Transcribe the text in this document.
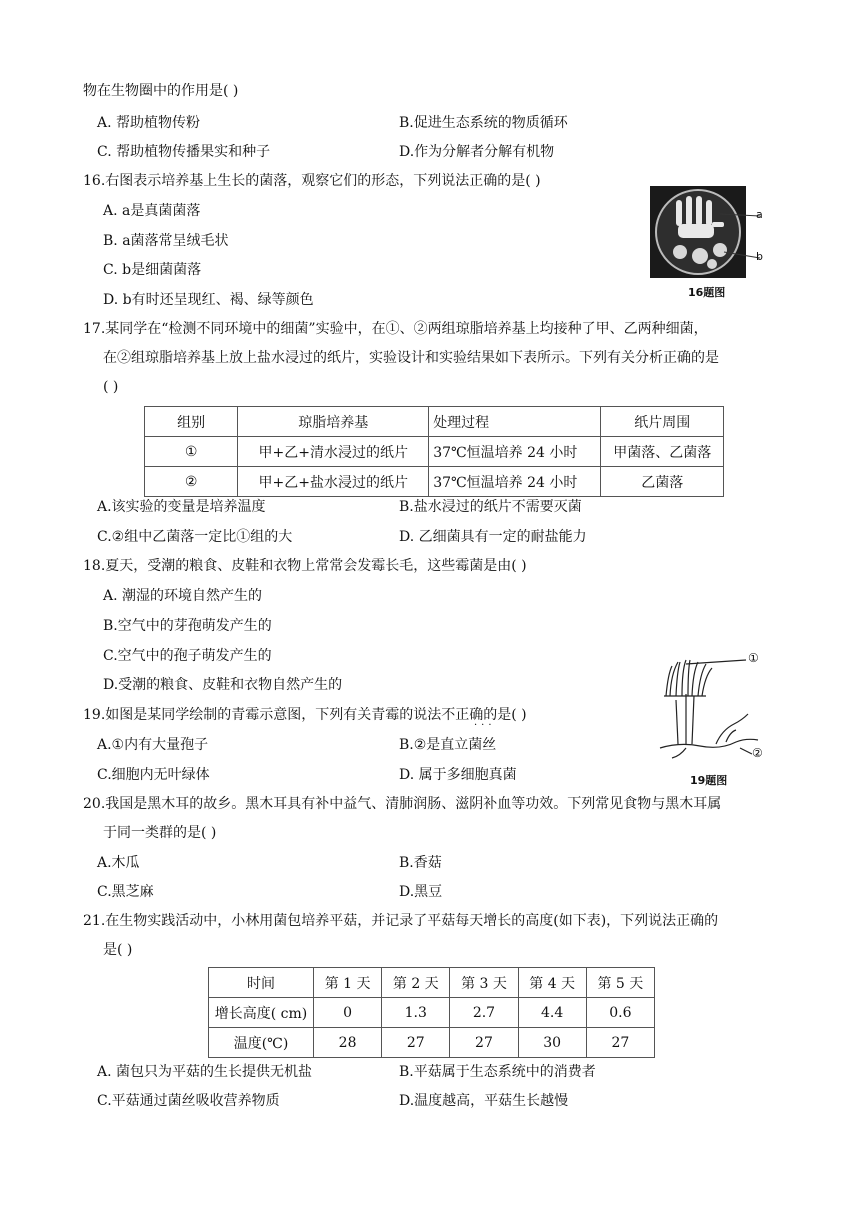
物在生物圈中的作用是( )
A. 帮助植物传粉	B.促进生态系统的物质循环
C. 帮助植物传播果实和种子	D.作为分解者分解有机物
16.右图表示培养基上生长的菌落，观察它们的形态，下列说法正确的是( )
A. a是真菌菌落
B. a菌落常呈绒毛状
C. b是细菌菌落
D. b有时还呈现红、褐、绿等颜色
a
b
16题图
17.某同学在“检测不同环境中的细菌”实验中，在①、②两组琼脂培养基上均接种了甲、乙两种细菌，
在②组琼脂培养基上放上盐水浸过的纸片，实验设计和实验结果如下表所示。下列有关分析正确的是
( )
组别	琼脂培养基	处理过程	纸片周围
①	甲+乙+清水浸过的纸片	37℃恒温培养 24 小时	甲菌落、乙菌落
②	甲+乙+盐水浸过的纸片	37℃恒温培养 24 小时	乙菌落
A.该实验的变量是培养温度	B.盐水浸过的纸片不需要灭菌
C.②组中乙菌落一定比①组的大	D. 乙细菌具有一定的耐盐能力
18.夏天，受潮的粮食、皮鞋和衣物上常常会发霉长毛，这些霉菌是由( )
A. 潮湿的环境自然产生的
B.空气中的芽孢萌发产生的
C.空气中的孢子萌发产生的
D.受潮的粮食、皮鞋和衣物自然产生的
①
②
19题图
19.如图是某同学绘制的青霉示意图，下列有关青霉的说法不正确的是( )
···
A.①内有大量孢子	B.②是直立菌丝
C.细胞内无叶绿体	D. 属于多细胞真菌
20.我国是黑木耳的故乡。黑木耳具有补中益气、清肺润肠、滋阴补血等功效。下列常见食物与黑木耳属
于同一类群的是( )
A.木瓜	B.香菇
C.黑芝麻	D.黑豆
21.在生物实践活动中，小林用菌包培养平菇，并记录了平菇每天增长的高度(如下表)，下列说法正确的
是( )
时间	第 1 天	第 2 天	第 3 天	第 4 天	第 5 天
增长高度( cm)	0	1.3	2.7	4.4	0.6
温度(℃)	28	27	27	30	27
A. 菌包只为平菇的生长提供无机盐	B.平菇属于生态系统中的消费者
C.平菇通过菌丝吸收营养物质	D.温度越高，平菇生长越慢
